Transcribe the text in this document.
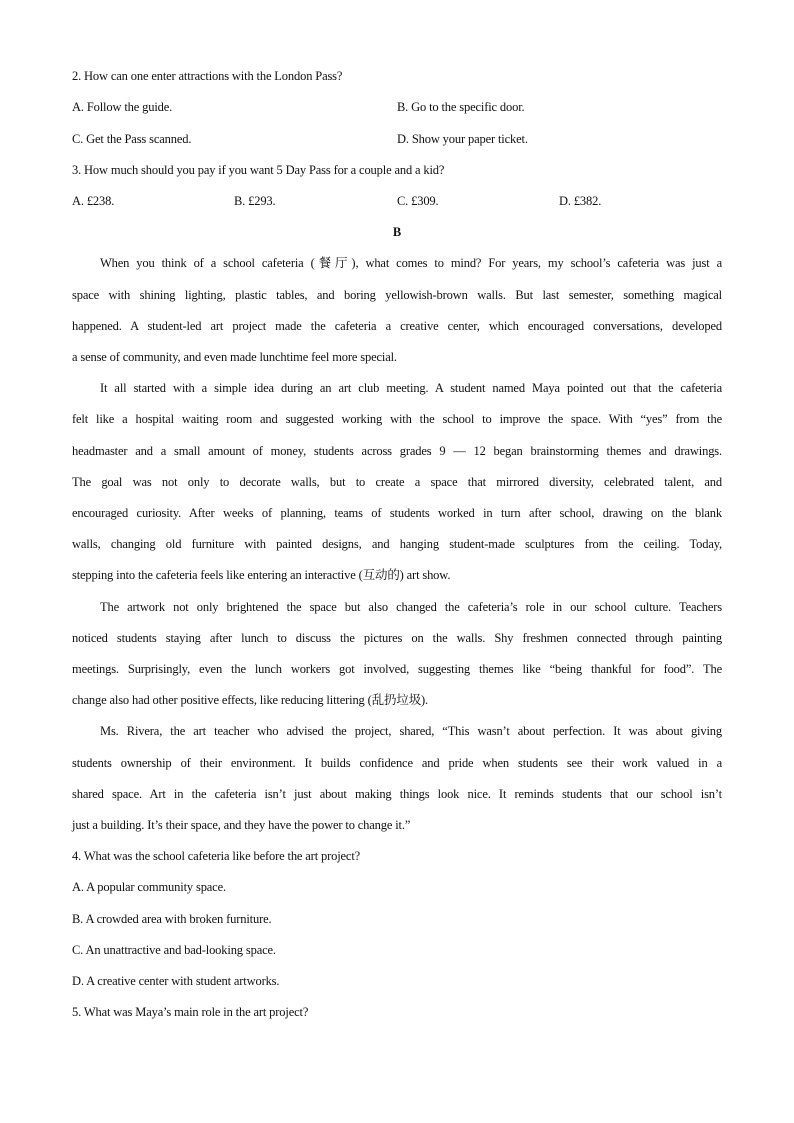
2. How can one enter attractions with the London Pass?
A. Follow the guide.	B. Go to the specific door.
C. Get the Pass scanned.	D. Show your paper ticket.
3. How much should you pay if you want 5 Day Pass for a couple and a kid?
A. £238.	B. £293.	C. £309.	D. £382.
B
When you think of a school cafeteria (餐厅), what comes to mind? For years, my school’s cafeteria was just a
space with shining lighting, plastic tables, and boring yellowish-brown walls. But last semester, something magical
happened. A student-led art project made the cafeteria a creative center, which encouraged conversations, developed
a sense of community, and even made lunchtime feel more special.
It all started with a simple idea during an art club meeting. A student named Maya pointed out that the cafeteria
felt like a hospital waiting room and suggested working with the school to improve the space. With “yes” from the
headmaster and a small amount of money, students across grades 9 — 12 began brainstorming themes and drawings.
The goal was not only to decorate walls, but to create a space that mirrored diversity, celebrated talent, and
encouraged curiosity. After weeks of planning, teams of students worked in turn after school, drawing on the blank
walls, changing old furniture with painted designs, and hanging student-made sculptures from the ceiling. Today,
stepping into the cafeteria feels like entering an interactive (互动的) art show.
The artwork not only brightened the space but also changed the cafeteria’s role in our school culture. Teachers
noticed students staying after lunch to discuss the pictures on the walls. Shy freshmen connected through painting
meetings. Surprisingly, even the lunch workers got involved, suggesting themes like “being thankful for food”. The
change also had other positive effects, like reducing littering (乱扔垃圾).
Ms. Rivera, the art teacher who advised the project, shared, “This wasn’t about perfection. It was about giving
students ownership of their environment. It builds confidence and pride when students see their work valued in a
shared space. Art in the cafeteria isn’t just about making things look nice. It reminds students that our school isn’t
just a building. It’s their space, and they have the power to change it.”
4. What was the school cafeteria like before the art project?
A. A popular community space.
B. A crowded area with broken furniture.
C. An unattractive and bad-looking space.
D. A creative center with student artworks.
5. What was Maya’s main role in the art project?
